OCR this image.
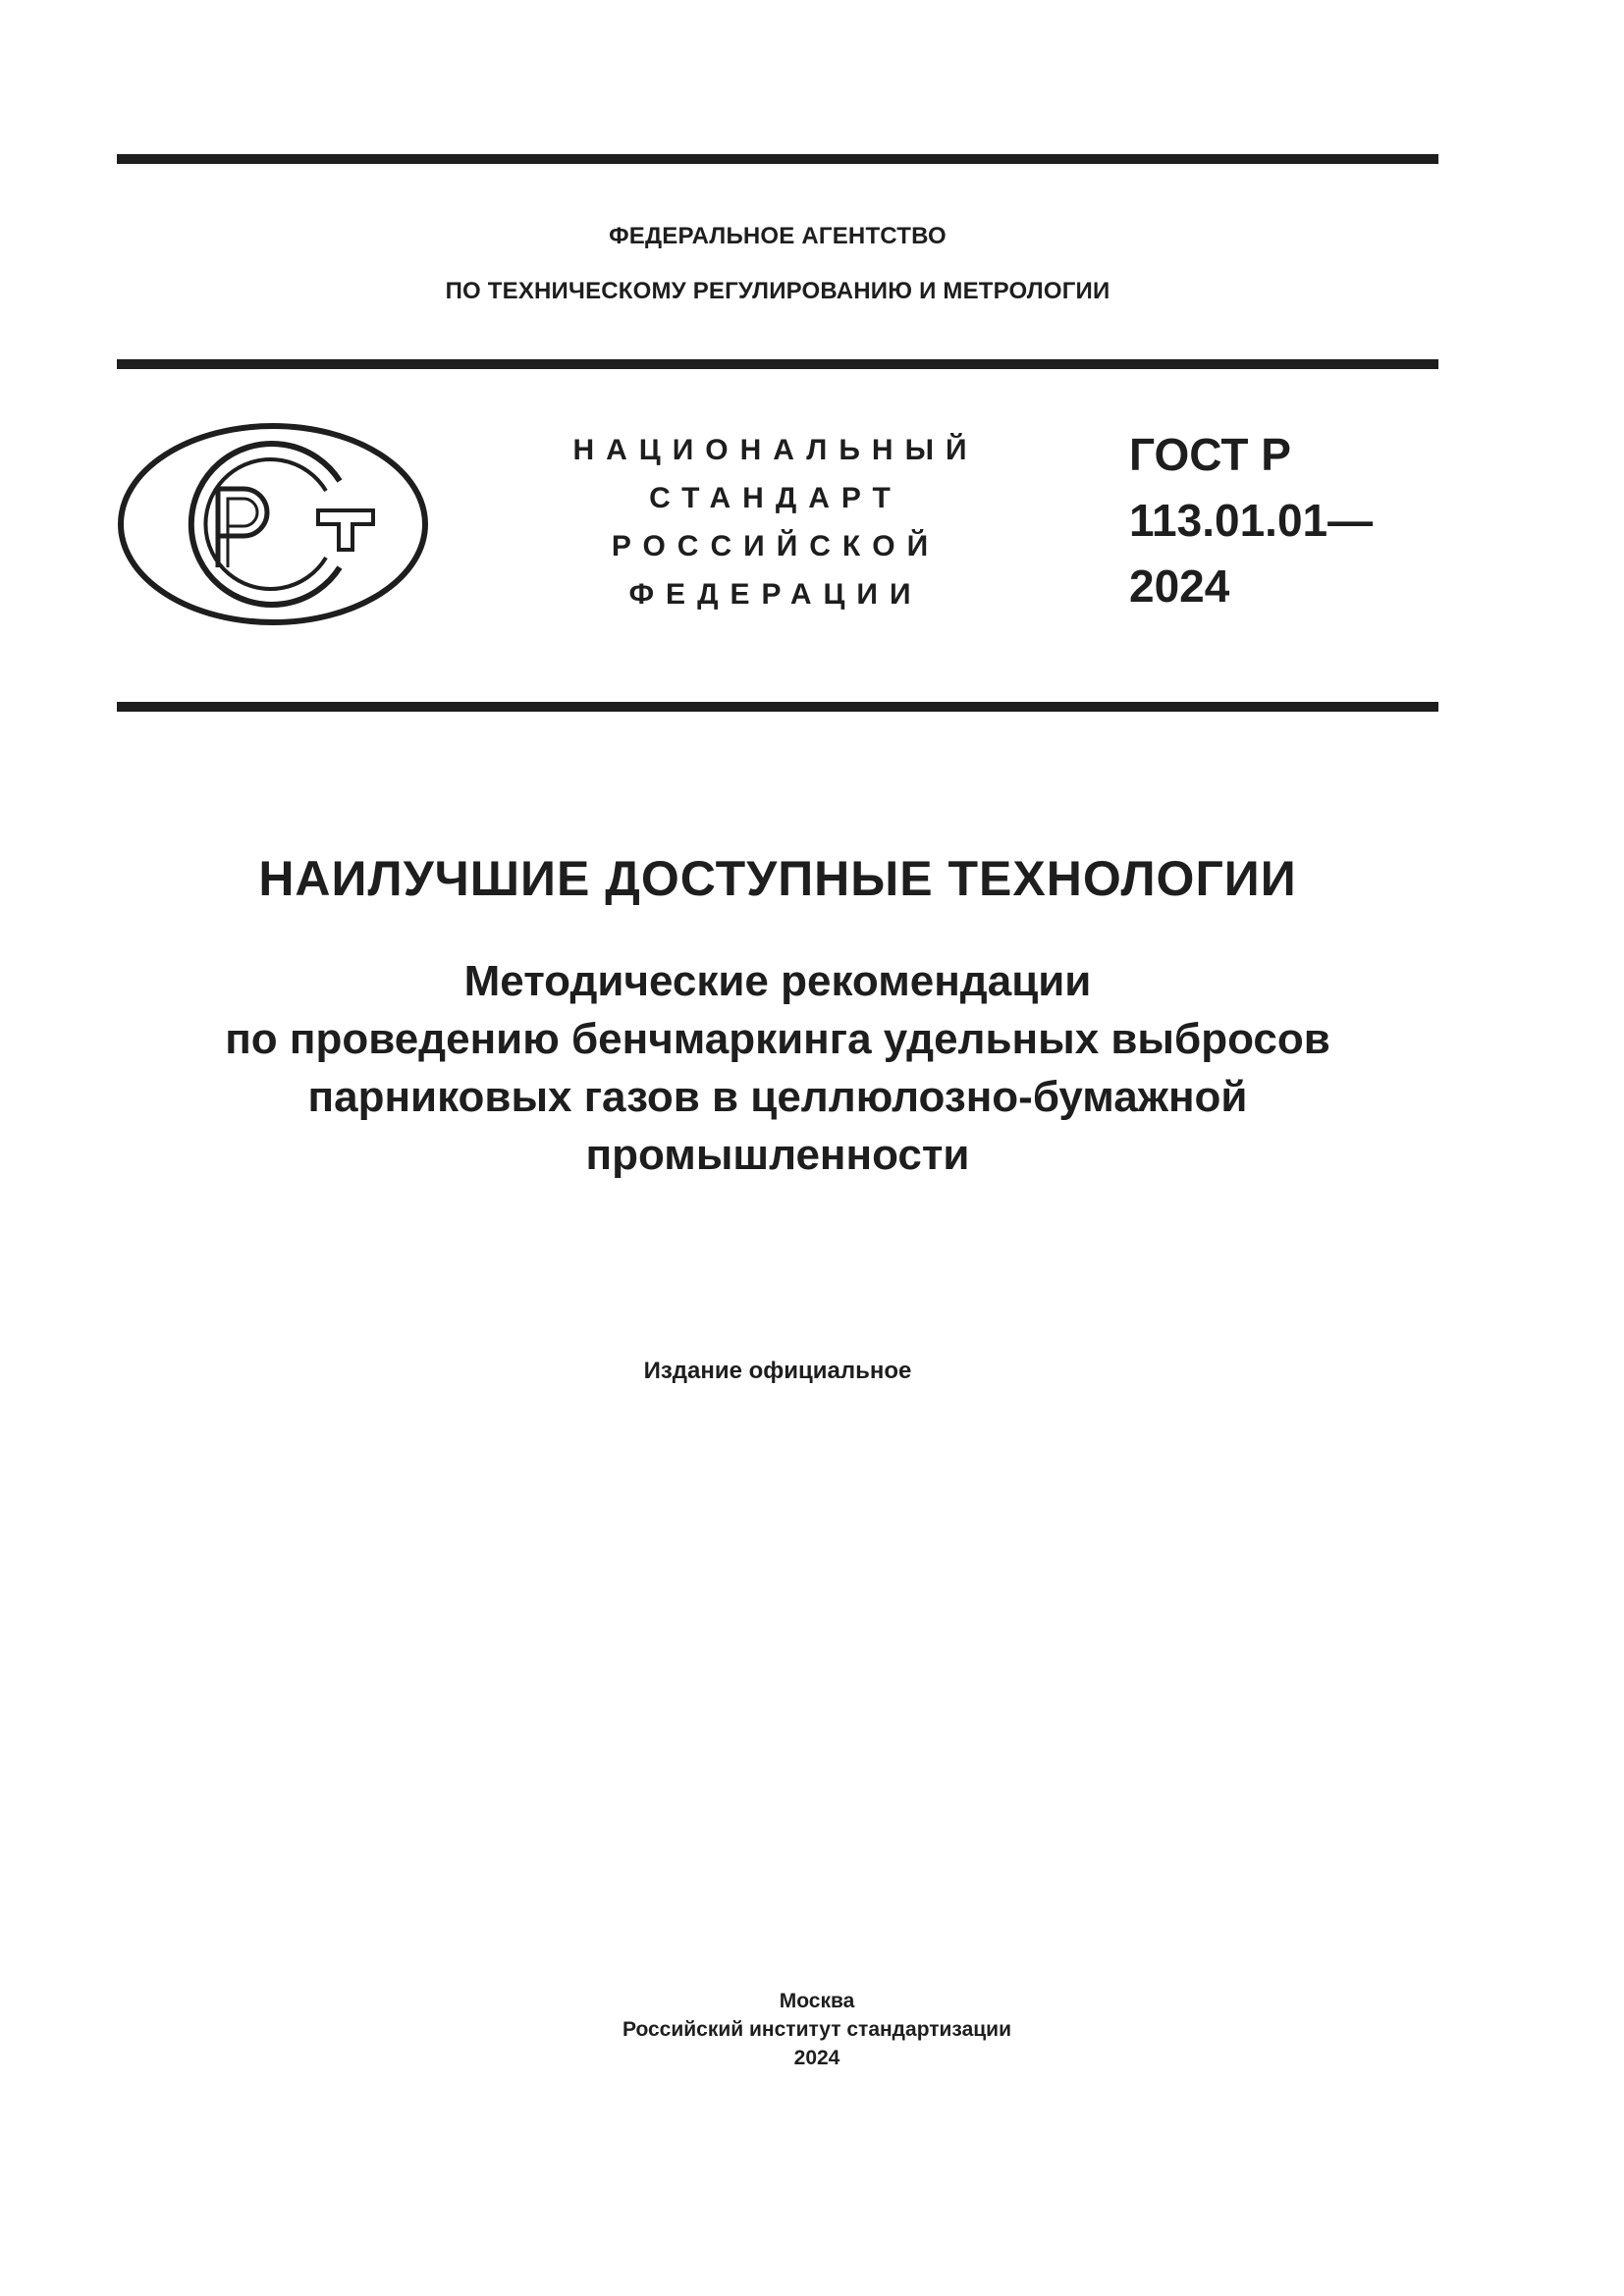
ФЕДЕРАЛЬНОЕ АГЕНТСТВО
ПО ТЕХНИЧЕСКОМУ РЕГУЛИРОВАНИЮ И МЕТРОЛОГИИ
НАЦИОНАЛЬНЫЙ
СТАНДАРТ
РОССИЙСКОЙ
ФЕДЕРАЦИИ
ГОСТ Р
113.01.01—
2024
НАИЛУЧШИЕ ДОСТУПНЫЕ ТЕХНОЛОГИИ
Методические рекомендации
по проведению бенчмаркинга удельных выбросов
парниковых газов в целлюлозно-бумажной
промышленности
Издание официальное
Москва
Российский институт стандартизации
2024
